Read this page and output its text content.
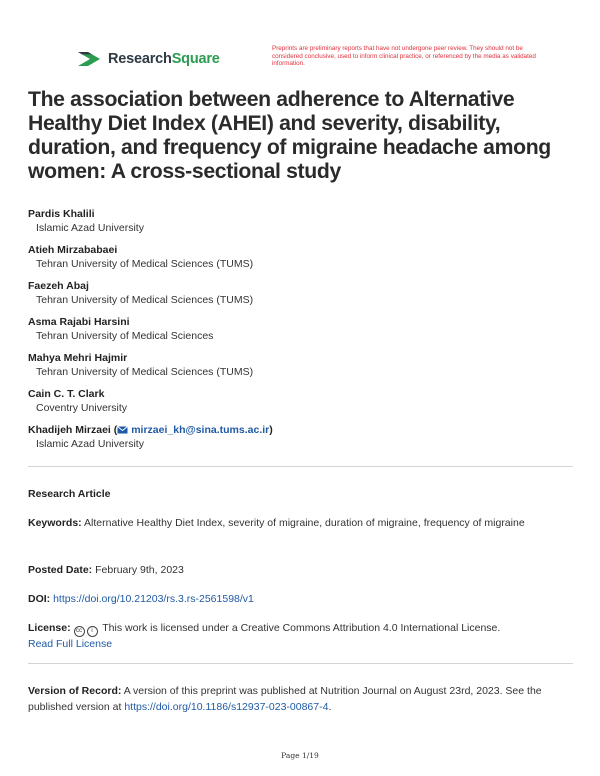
ResearchSquare
Preprints are preliminary reports that have not undergone peer review. They should not be considered conclusive, used to inform clinical practice, or referenced by the media as validated information.
The association between adherence to Alternative Healthy Diet Index (AHEI) and severity, disability, duration, and frequency of migraine headache among women: A cross-sectional study
Pardis Khalili
Islamic Azad University
Atieh Mirzababaei
Tehran University of Medical Sciences (TUMS)
Faezeh Abaj
Tehran University of Medical Sciences (TUMS)
Asma Rajabi Harsini
Tehran University of Medical Sciences
Mahya Mehri Hajmir
Tehran University of Medical Sciences (TUMS)
Cain C. T. Clark
Coventry University
Khadijeh Mirzaei ( mirzaei_kh@sina.tums.ac.ir)
Islamic Azad University
Research Article
Keywords: Alternative Healthy Diet Index, severity of migraine, duration of migraine, frequency of migraine
Posted Date: February 9th, 2023
DOI: https://doi.org/10.21203/rs.3.rs-2561598/v1
License: cc i This work is licensed under a Creative Commons Attribution 4.0 International License.
Read Full License
Version of Record: A version of this preprint was published at Nutrition Journal on August 23rd, 2023. See the published version at https://doi.org/10.1186/s12937-023-00867-4.
Page 1/19
